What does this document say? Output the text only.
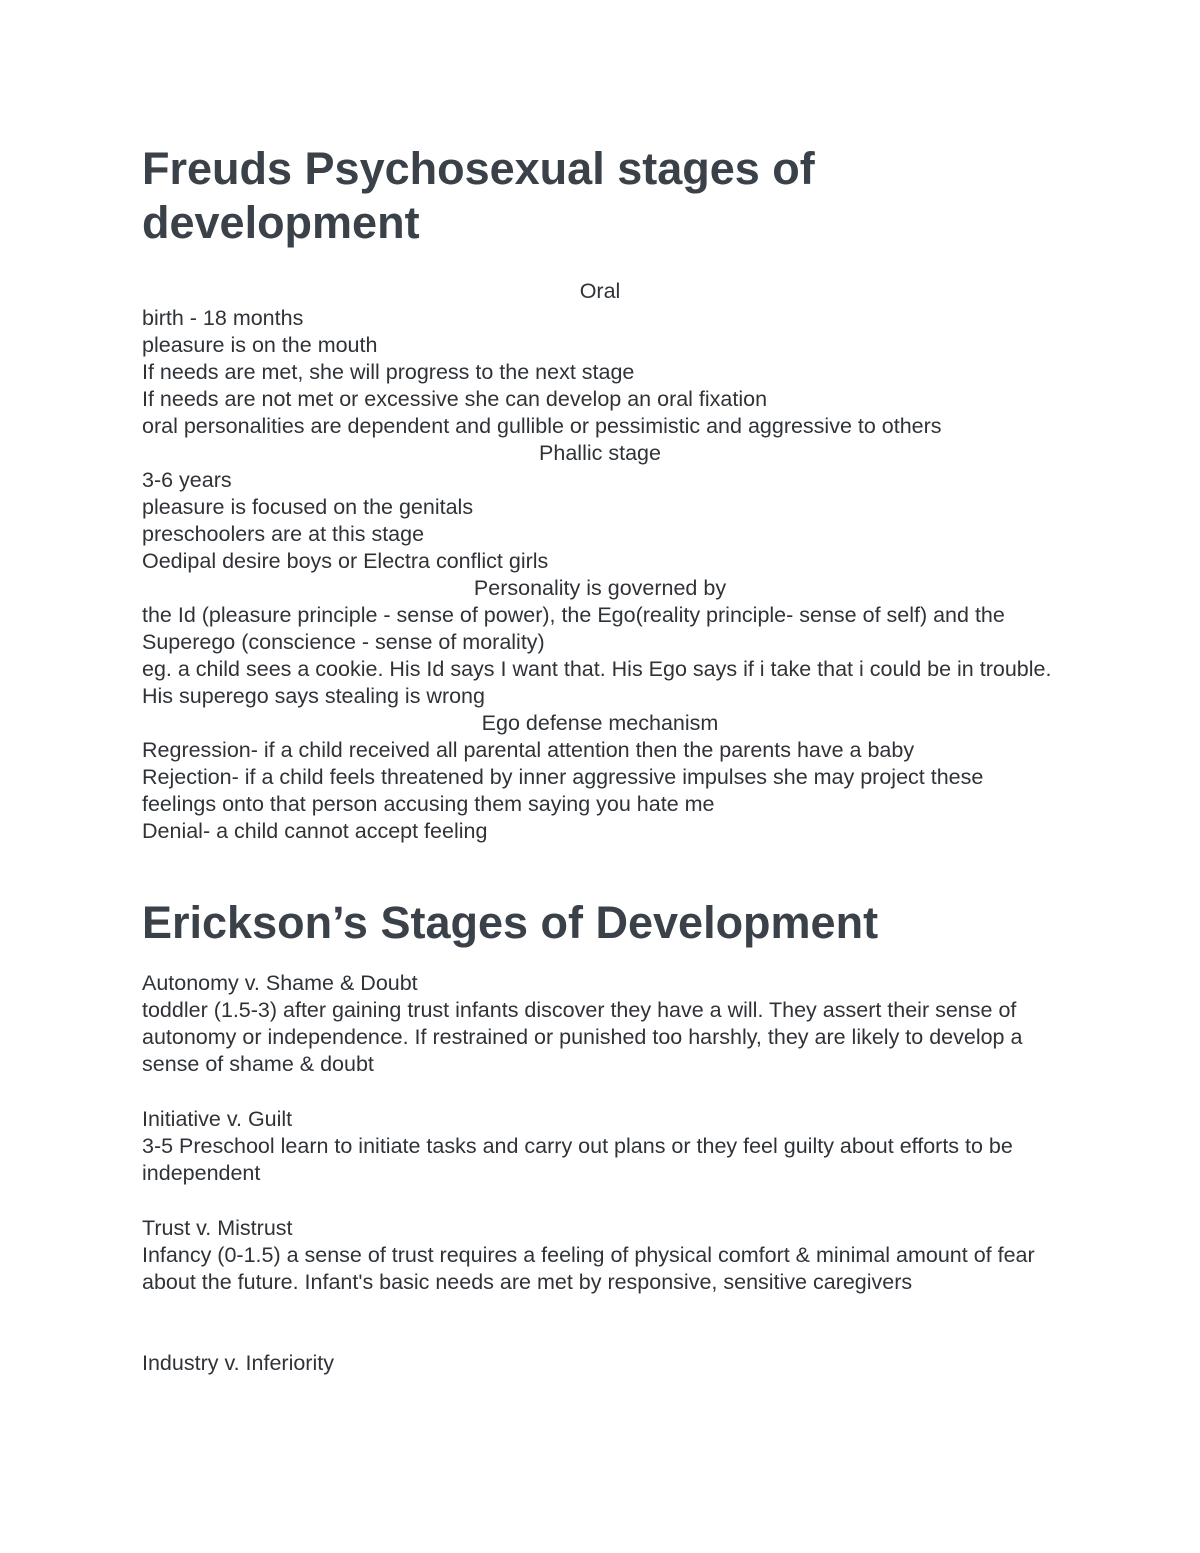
Freuds Psychosexual stages of development

Oral

birth - 18 months

pleasure is on the mouth

If needs are met, she will progress to the next stage

If needs are not met or excessive she can develop an oral fixation

oral personalities are dependent and gullible or pessimistic and aggressive to others

Phallic stage

3-6 years

pleasure is focused on the genitals

preschoolers are at this stage

Oedipal desire boys or Electra conflict girls

Personality is governed by

the Id (pleasure principle - sense of power), the Ego(reality principle- sense of self) and the Superego (conscience - sense of morality)

eg. a child sees a cookie. His Id says I want that. His Ego says if i take that i could be in trouble. His superego says stealing is wrong

Ego defense mechanism

Regression- if a child received all parental attention then the parents have a baby

Rejection- if a child feels threatened by inner aggressive impulses she may project these feelings onto that person accusing them saying you hate me

Denial- a child cannot accept feeling

Erickson’s Stages of Development

Autonomy v. Shame & Doubt

toddler (1.5-3) after gaining trust infants discover they have a will. They assert their sense of autonomy or independence. If restrained or punished too harshly, they are likely to develop a sense of shame & doubt

Initiative v. Guilt

3-5 Preschool learn to initiate tasks and carry out plans or they feel guilty about efforts to be independent

Trust v. Mistrust

Infancy (0-1.5) a sense of trust requires a feeling of physical comfort & minimal amount of fear about the future. Infant's basic needs are met by responsive, sensitive caregivers

Industry v. Inferiority
